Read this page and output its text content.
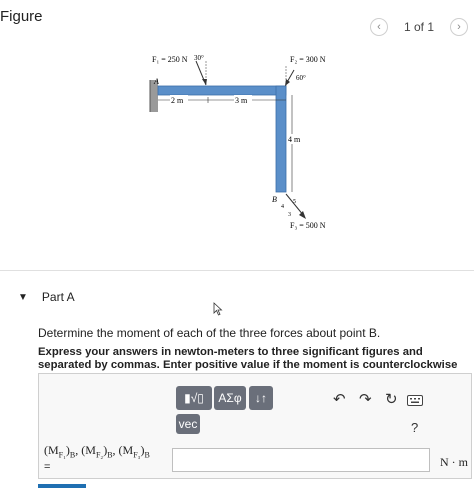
Figure
‹ 1 of 1 ›
A
B
2 m	3 m
4 m
F₁ = 250 N 30°	F₂ = 300 N
60°
4
3
5
F₃ = 500 N
▼ Part A
Determine the moment of each of the three forces about point B.
Express your answers in newton-meters to three significant figures and separated by commas. Enter positive value if the moment is counterclockwise
▮√▯	ΑΣφ	↓↑
vec
↶ ↷ ↻
?
$(M_{F_1})_B$, $(M_{F_2})_B$, $(M_{F_3})_B$
=	N · m
